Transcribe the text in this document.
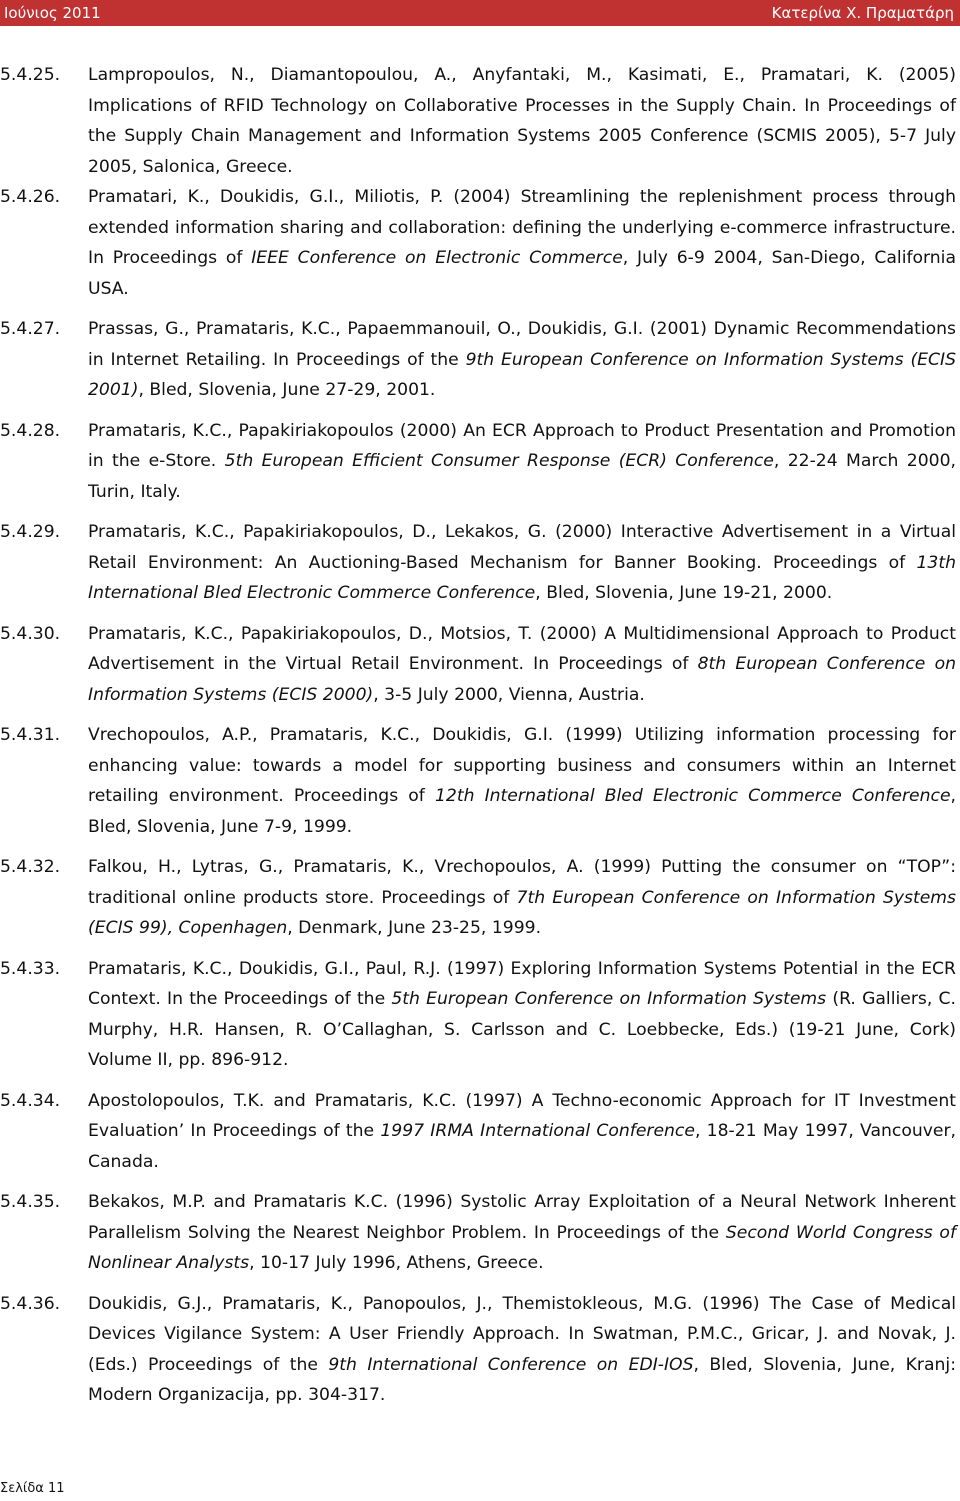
Ιούνιος 2011	Κατερίνα Χ. Πραματάρη
5.4.25. Lampropoulos, N., Diamantopoulou, A., Anyfantaki, M., Kasimati, E., Pramatari, K. (2005) Implications of RFID Technology on Collaborative Processes in the Supply Chain. In Proceedings of the Supply Chain Management and Information Systems 2005 Conference (SCMIS 2005), 5-7 July 2005, Salonica, Greece.
5.4.26. Pramatari, K., Doukidis, G.I., Miliotis, P. (2004) Streamlining the replenishment process through extended information sharing and collaboration: defining the underlying e-commerce infrastructure. In Proceedings of IEEE Conference on Electronic Commerce, July 6-9 2004, San-Diego, California USA.
5.4.27. Prassas, G., Pramataris, K.C., Papaemmanouil, O., Doukidis, G.I. (2001) Dynamic Recommendations in Internet Retailing. In Proceedings of the 9th European Conference on Information Systems (ECIS 2001), Bled, Slovenia, June 27-29, 2001.
5.4.28. Pramataris, K.C., Papakiriakopoulos (2000) An ECR Approach to Product Presentation and Promotion in the e-Store. 5th European Efficient Consumer Response (ECR) Conference, 22-24 March 2000, Turin, Italy.
5.4.29. Pramataris, K.C., Papakiriakopoulos, D., Lekakos, G. (2000) Interactive Advertisement in a Virtual Retail Environment: An Auctioning-Based Mechanism for Banner Booking. Proceedings of 13th International Bled Electronic Commerce Conference, Bled, Slovenia, June 19-21, 2000.
5.4.30. Pramataris, K.C., Papakiriakopoulos, D., Motsios, T. (2000) A Multidimensional Approach to Product Advertisement in the Virtual Retail Environment. In Proceedings of 8th European Conference on Information Systems (ECIS 2000), 3-5 July 2000, Vienna, Austria.
5.4.31. Vrechopoulos, A.P., Pramataris, K.C., Doukidis, G.I. (1999) Utilizing information processing for enhancing value: towards a model for supporting business and consumers within an Internet retailing environment. Proceedings of 12th International Bled Electronic Commerce Conference, Bled, Slovenia, June 7-9, 1999.
5.4.32. Falkou, H., Lytras, G., Pramataris, K., Vrechopoulos, A. (1999) Putting the consumer on “TOP”: traditional online products store. Proceedings of 7th European Conference on Information Systems (ECIS 99), Copenhagen, Denmark, June 23-25, 1999.
5.4.33. Pramataris, K.C., Doukidis, G.I., Paul, R.J. (1997) Exploring Information Systems Potential in the ECR Context. In the Proceedings of the 5th European Conference on Information Systems (R. Galliers, C. Murphy, H.R. Hansen, R. O’Callaghan, S. Carlsson and C. Loebbecke, Eds.) (19-21 June, Cork) Volume II, pp. 896-912.
5.4.34. Apostolopoulos, T.K. and Pramataris, K.C. (1997) A Techno-economic Approach for IT Investment Evaluation’ In Proceedings of the 1997 IRMA International Conference, 18-21 May 1997, Vancouver, Canada.
5.4.35. Bekakos, M.P. and Pramataris K.C. (1996) Systolic Array Exploitation of a Neural Network Inherent Parallelism Solving the Nearest Neighbor Problem. In Proceedings of the Second World Congress of Nonlinear Analysts, 10-17 July 1996, Athens, Greece.
5.4.36. Doukidis, G.J., Pramataris, K., Panopoulos, J., Themistokleous, M.G. (1996) The Case of Medical Devices Vigilance System: A User Friendly Approach. In Swatman, P.M.C., Gricar, J. and Novak, J. (Eds.) Proceedings of the 9th International Conference on EDI-IOS, Bled, Slovenia, June, Kranj: Modern Organizacija, pp. 304-317.
Σελίδα 11
